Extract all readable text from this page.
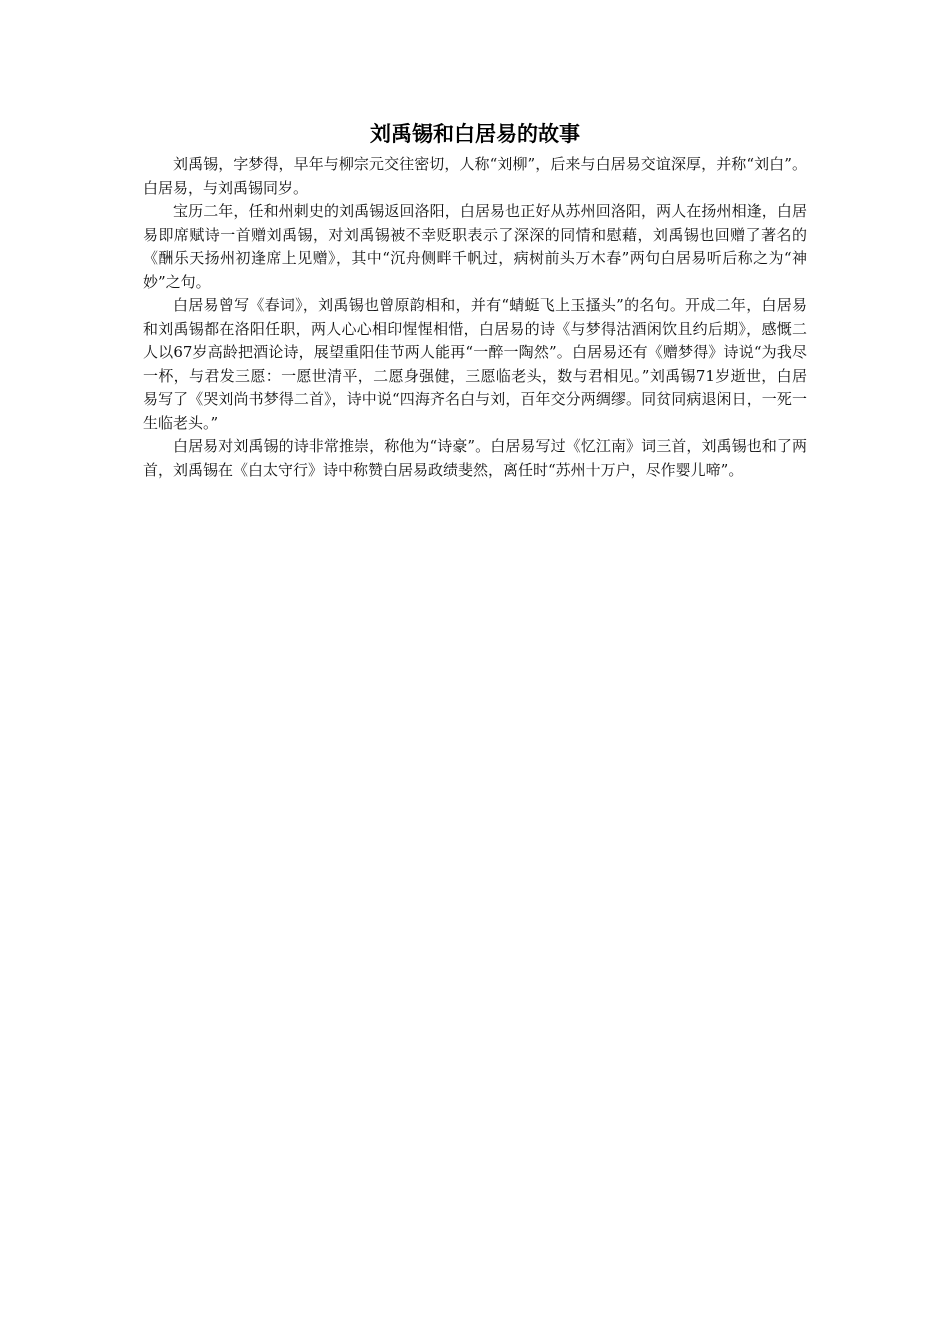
刘禹锡和白居易的故事

刘禹锡，字梦得，早年与柳宗元交往密切，人称“刘柳”，后来与白居易交谊深厚，并称“刘白”。白居易，与刘禹锡同岁。

宝历二年，任和州刺史的刘禹锡返回洛阳，白居易也正好从苏州回洛阳，两人在扬州相逢，白居易即席赋诗一首赠刘禹锡，对刘禹锡被不幸贬职表示了深深的同情和慰藉，刘禹锡也回赠了著名的《酬乐天扬州初逢席上见赠》，其中“沉舟侧畔千帆过，病树前头万木春”两句白居易听后称之为“神妙”之句。

白居易曾写《春词》，刘禹锡也曾原韵相和，并有“蜻蜓飞上玉搔头”的名句。开成二年，白居易和刘禹锡都在洛阳任职，两人心心相印惺惺相惜，白居易的诗《与梦得沽酒闲饮且约后期》，感慨二人以67岁高龄把酒论诗，展望重阳佳节两人能再“一醉一陶然”。白居易还有《赠梦得》诗说“为我尽一杯，与君发三愿：一愿世清平，二愿身强健，三愿临老头，数与君相见。”刘禹锡71岁逝世，白居易写了《哭刘尚书梦得二首》，诗中说“四海齐名白与刘，百年交分两绸缪。同贫同病退闲日，一死一生临老头。”

白居易对刘禹锡的诗非常推崇，称他为“诗豪”。白居易写过《忆江南》词三首，刘禹锡也和了两首，刘禹锡在《白太守行》诗中称赞白居易政绩斐然，离任时“苏州十万户，尽作婴儿啼”。
